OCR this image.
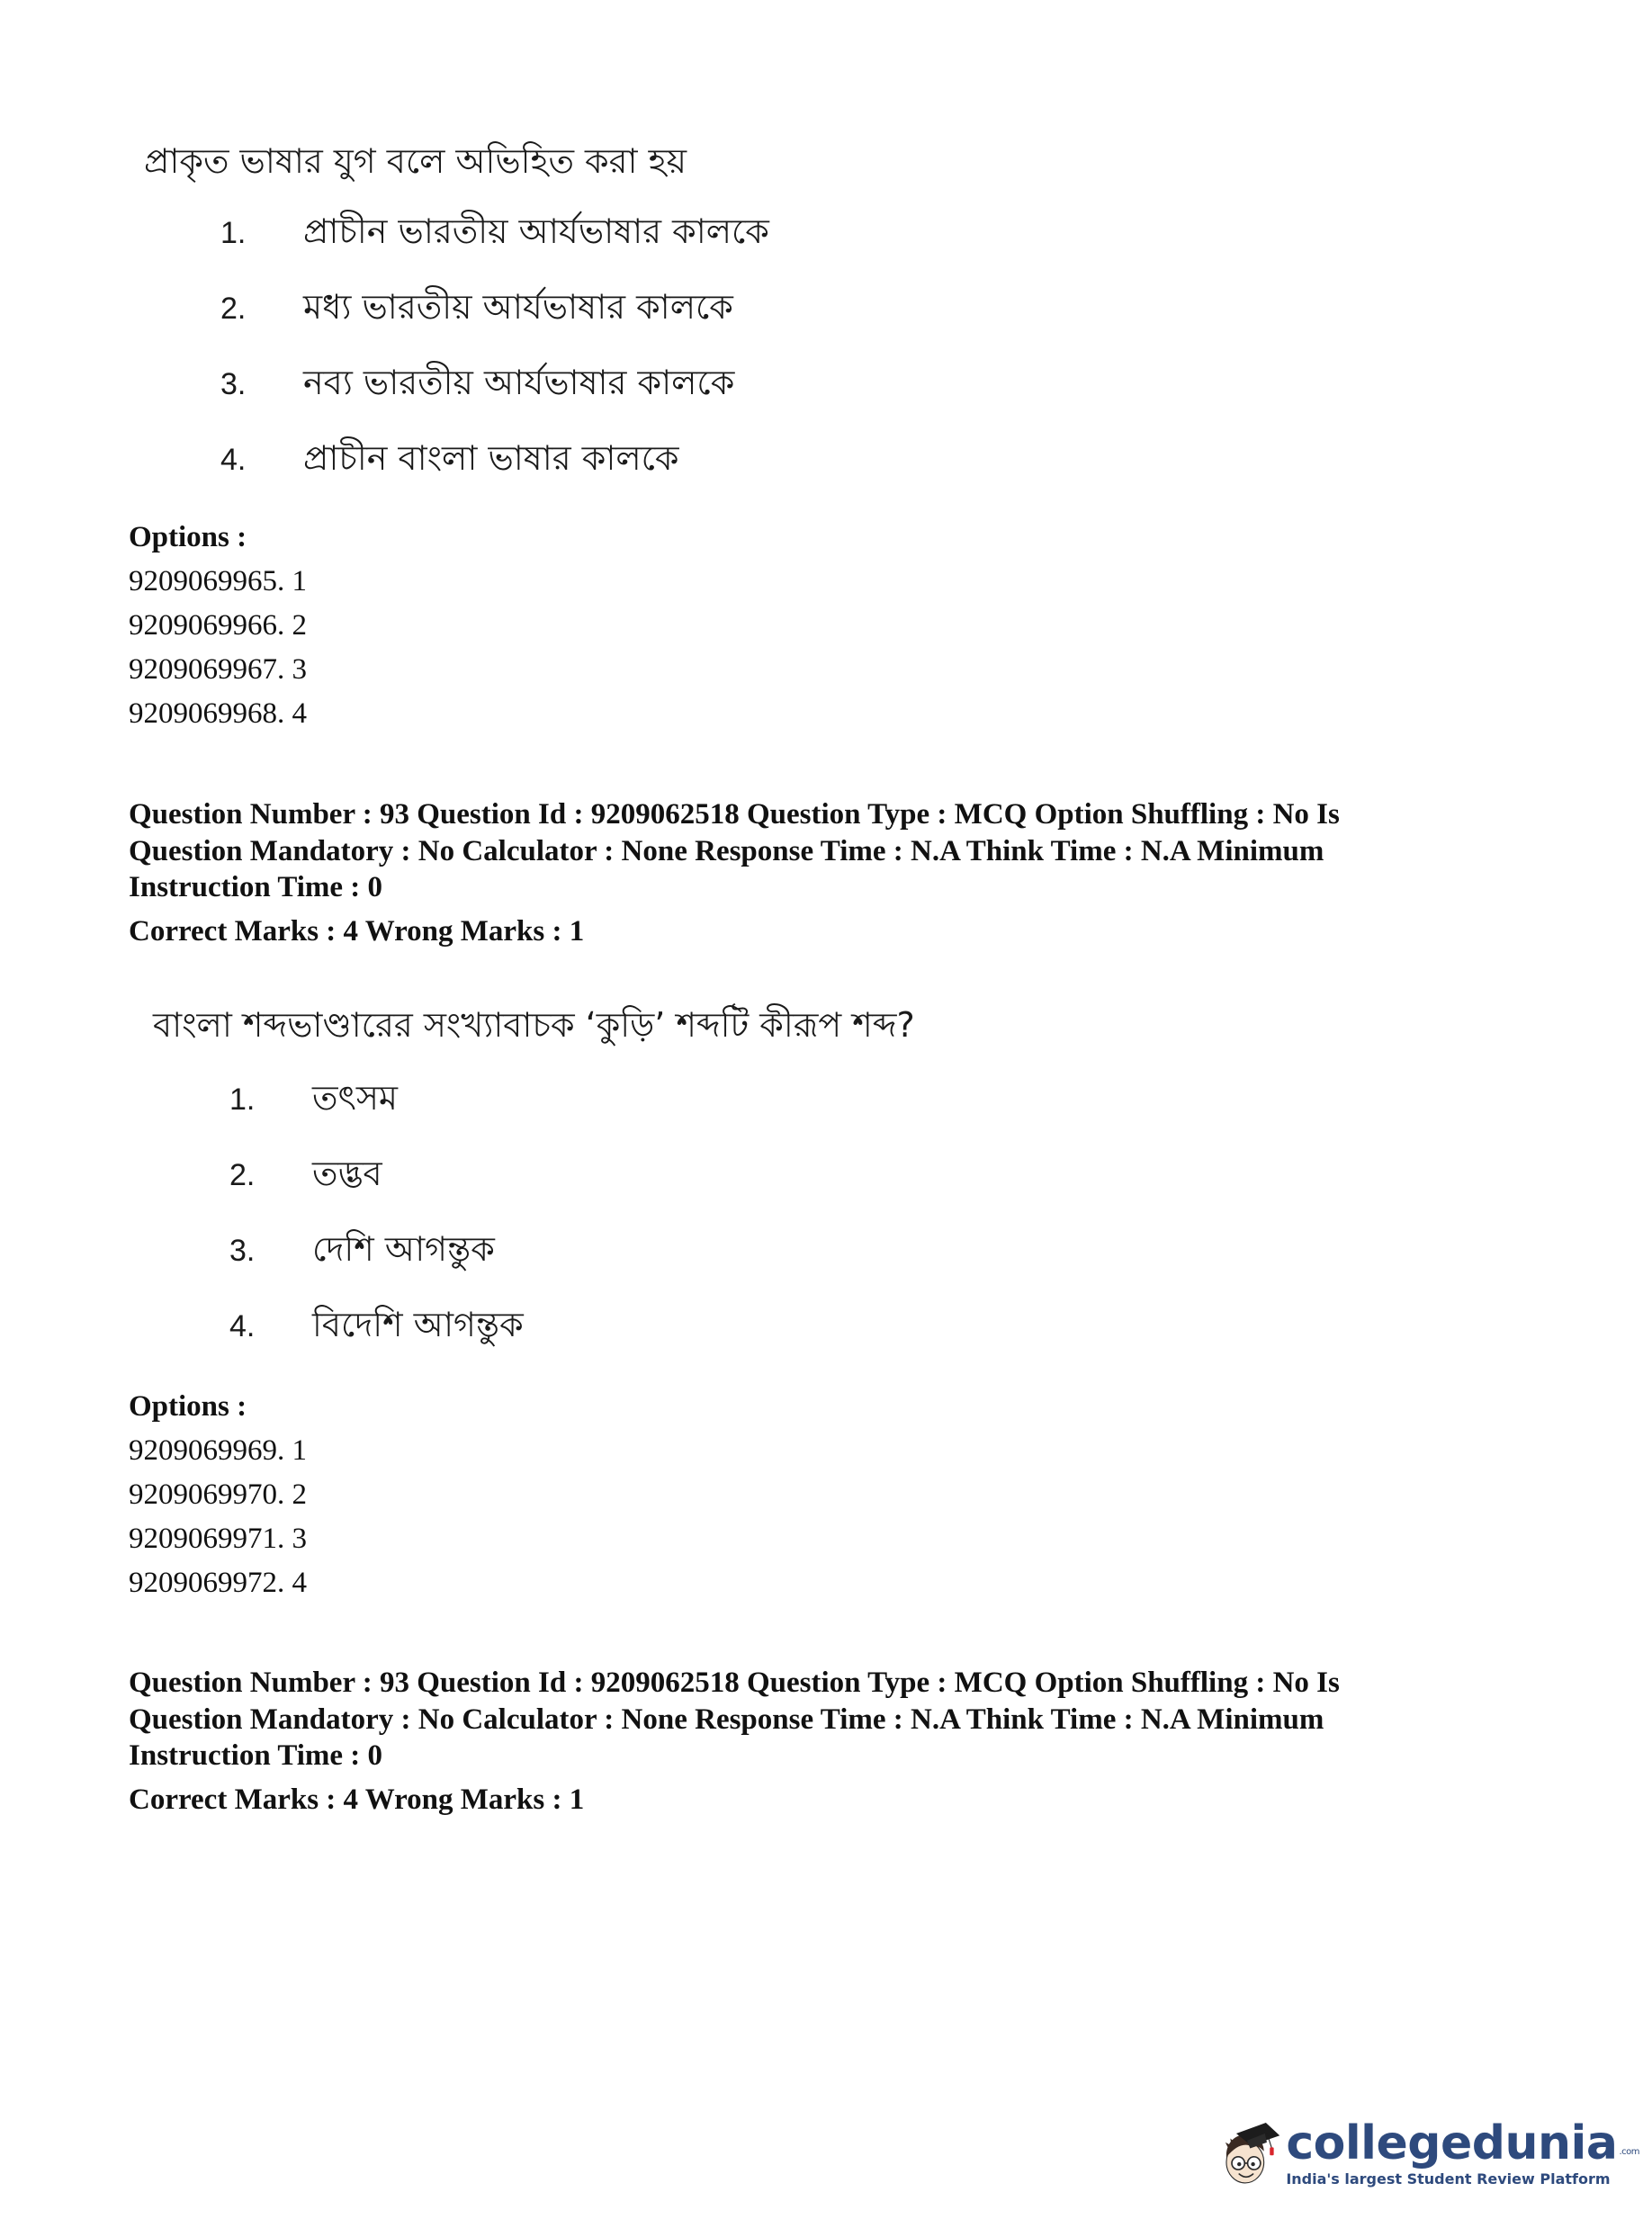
প্রাকৃত ভাষার যুগ বলে অভিহিত করা হয়

1.	প্রাচীন ভারতীয় আর্যভাষার কালকে
2.	মধ্য ভারতীয় আর্যভাষার কালকে
3.	নব্য ভারতীয় আর্যভাষার কালকে
4.	প্রাচীন বাংলা ভাষার কালকে

Options :

9209069965. 1
9209069966. 2
9209069967. 3
9209069968. 4

Question Number : 93 Question Id : 9209062518 Question Type : MCQ Option Shuffling : No Is Question Mandatory : No Calculator : None Response Time : N.A Think Time : N.A Minimum Instruction Time : 0

Correct Marks : 4 Wrong Marks : 1

বাংলা শব্দভাণ্ডারের সংখ্যাবাচক ‘কুড়ি’ শব্দটি কীরূপ শব্দ?

1.	তৎসম
2.	তদ্ভব
3.	দেশি আগন্তুক
4.	বিদেশি আগন্তুক

Options :

9209069969. 1
9209069970. 2
9209069971. 3
9209069972. 4

Question Number : 93 Question Id : 9209062518 Question Type : MCQ Option Shuffling : No Is Question Mandatory : No Calculator : None Response Time : N.A Think Time : N.A Minimum Instruction Time : 0

Correct Marks : 4 Wrong Marks : 1

collegedunia $^{.com}$
India's largest Student Review Platform
